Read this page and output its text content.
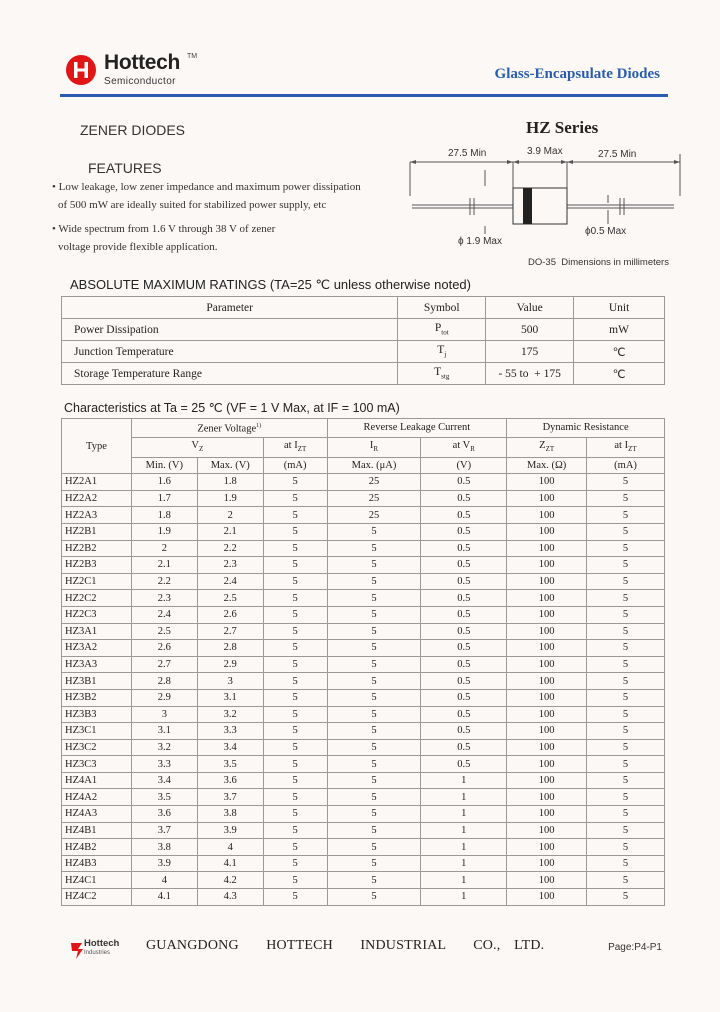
Hottech TM
Semiconductor	Glass-Encapsulate Diodes
ZENER DIODES	HZ Series
FEATURES
• Low leakage, low zener impedance and maximum power dissipation
of 500 mW are ideally suited for stabilized power supply, etc
• Wide spectrum from 1.6 V through 38 V of zener
voltage provide flexible application.
27.5 Min	3.9 Max	27.5 Min
ϕ 1.9 Max
ϕ0.5 Max
DO-35  Dimensions in millimeters
ABSOLUTE MAXIMUM RATINGS (TA=25 ℃ unless otherwise noted)
Parameter	Symbol	Value	Unit
Power Dissipation	$P_{tot}$	500	mW
Junction Temperature	$T_j$	175	℃
Storage Temperature Range	$T_{stg}$	- 55 to  + 175	℃
Characteristics at Ta = 25 ℃ (VF = 1 V Max, at IF = 100 mA)
Type	Zener Voltage$^{1)}$			Reverse Leakage Current		Dynamic Resistance	
	$V_Z$		at $I_{ZT}$	$I_R$	at $V_R$	$Z_{ZT}$	at $I_{ZT}$
	Min. (V)	Max. (V)	(mA)	Max. (μA)	(V)	Max. (Ω)	(mA)
HZ2A1	1.6	1.8	5	25	0.5	100	5
HZ2A2	1.7	1.9	5	25	0.5	100	5
HZ2A3	1.8	2	5	25	0.5	100	5
HZ2B1	1.9	2.1	5	5	0.5	100	5
HZ2B2	2	2.2	5	5	0.5	100	5
HZ2B3	2.1	2.3	5	5	0.5	100	5
HZ2C1	2.2	2.4	5	5	0.5	100	5
HZ2C2	2.3	2.5	5	5	0.5	100	5
HZ2C3	2.4	2.6	5	5	0.5	100	5
HZ3A1	2.5	2.7	5	5	0.5	100	5
HZ3A2	2.6	2.8	5	5	0.5	100	5
HZ3A3	2.7	2.9	5	5	0.5	100	5
HZ3B1	2.8	3	5	5	0.5	100	5
HZ3B2	2.9	3.1	5	5	0.5	100	5
HZ3B3	3	3.2	5	5	0.5	100	5
HZ3C1	3.1	3.3	5	5	0.5	100	5
HZ3C2	3.2	3.4	5	5	0.5	100	5
HZ3C3	3.3	3.5	5	5	0.5	100	5
HZ4A1	3.4	3.6	5	5	1	100	5
HZ4A2	3.5	3.7	5	5	1	100	5
HZ4A3	3.6	3.8	5	5	1	100	5
HZ4B1	3.7	3.9	5	5	1	100	5
HZ4B2	3.8	4	5	5	1	100	5
HZ4B3	3.9	4.1	5	5	1	100	5
HZ4C1	4	4.2	5	5	1	100	5
HZ4C2	4.1	4.3	5	5	1	100	5
Hottech
Industries	GUANGDONG  HOTTECH  INDUSTRIAL  CO., LTD.	Page:P4-P1
